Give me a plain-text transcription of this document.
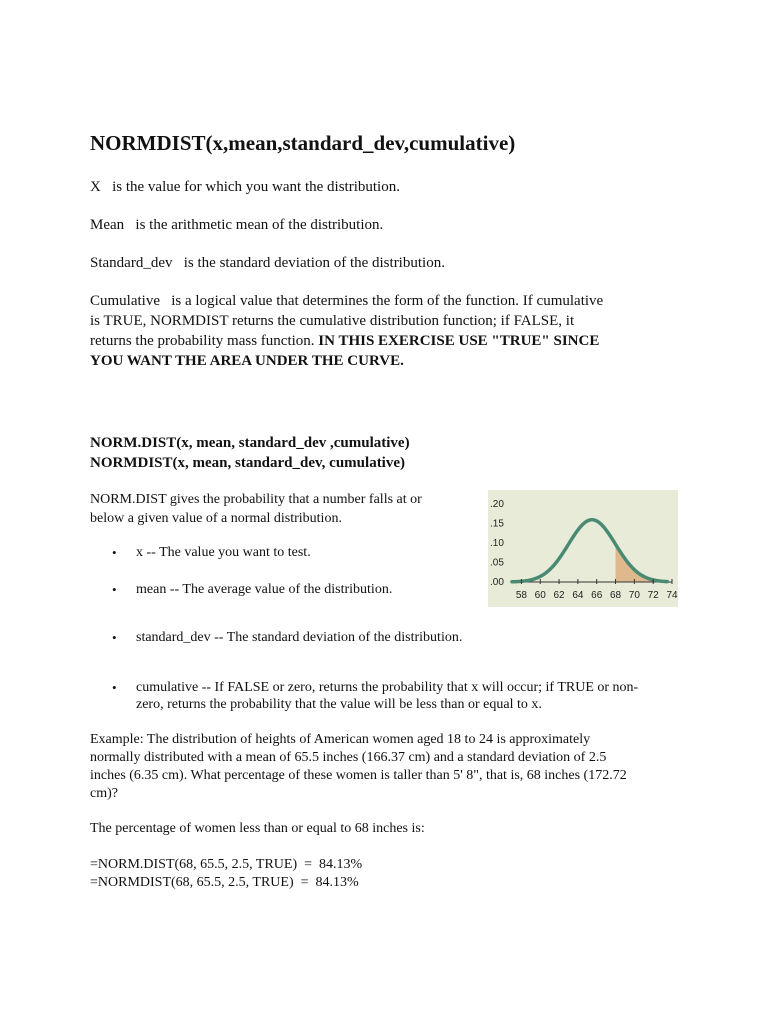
NORMDIST(x,mean,standard_dev,cumulative)
X is the value for which you want the distribution.
Mean is the arithmetic mean of the distribution.
Standard_dev is the standard deviation of the distribution.

Cumulative is a logical value that determines the form of the function. If cumulative

is TRUE, NORMDIST returns the cumulative distribution function; if FALSE, it

returns the probability mass function. IN THIS EXERCISE USE "TRUE" SINCE

YOU WANT THE AREA UNDER THE CURVE.

NORM.DIST(x, mean, standard_dev ,cumulative)
NORMDIST(x, mean, standard_dev, cumulative)

NORM.DIST gives the probability that a number falls at or

below a given value of a normal distribution.

• x -- The value you want to test.
• mean -- The average value of the distribution.
• standard_dev -- The standard deviation of the distribution.
• cumulative -- If FALSE or zero, returns the probability that x will occur; if TRUE or non-
zero, returns the probability that the value will be less than or equal to x.
58 60 62 64 66 68 70 72 74
.00
.05
.10
.15
.20

Example: The distribution of heights of American women aged 18 to 24 is approximately

normally distributed with a mean of 65.5 inches (166.37 cm) and a standard deviation of 2.5

inches (6.35 cm). What percentage of these women is taller than 5' 8", that is, 68 inches (172.72

cm)?

The percentage of women less than or equal to 68 inches is:
=NORM.DIST(68, 65.5, 2.5, TRUE)  =  84.13%
=NORMDIST(68, 65.5, 2.5, TRUE)  =  84.13%
